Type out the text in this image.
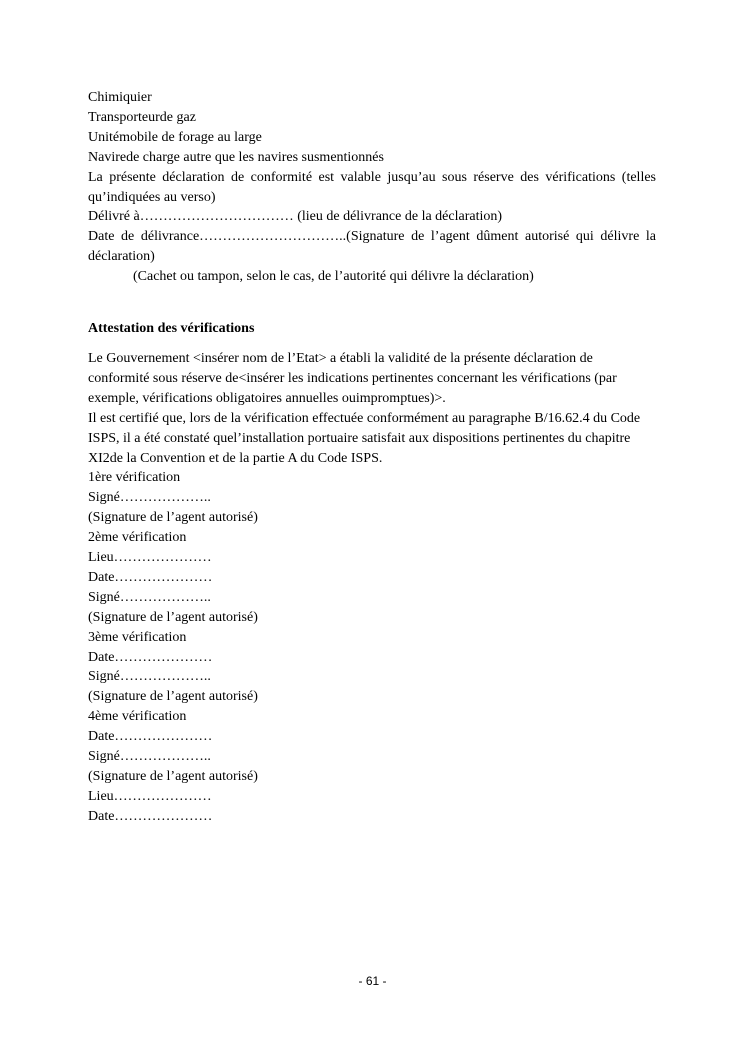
Chimiquier
Transporteurde gaz
Unitémobile de forage au large
Navirede charge autre que les navires susmentionnés
La présente déclaration de conformité est valable jusqu’au sous réserve des vérifications (telles qu’indiquées au verso)
Délivré à…………………………… (lieu de délivrance de la déclaration)
Date de délivrance…………………………..(Signature de l’agent dûment autorisé qui délivre la déclaration)
(Cachet ou tampon, selon le cas, de l’autorité qui délivre la déclaration)
Attestation des vérifications
Le Gouvernement <insérer nom de l’Etat> a établi la validité de la présente déclaration de conformité sous réserve de<insérer les indications pertinentes concernant les vérifications (par exemple, vérifications obligatoires annuelles ouimpromptues)>.
Il est certifié que, lors de la vérification effectuée conformément au paragraphe B/16.62.4 du Code ISPS, il a été constaté quel’installation portuaire satisfait aux dispositions pertinentes du chapitre XI2de la Convention et de la partie A du Code ISPS.
1ère vérification
Signé………………..
(Signature de l’agent autorisé)
2ème vérification
Lieu…………………
Date…………………
Signé………………..
(Signature de l’agent autorisé)
3ème vérification
Date…………………
Signé………………..
(Signature de l’agent autorisé)
4ème vérification
Date…………………
Signé………………..
(Signature de l’agent autorisé)
Lieu…………………
Date…………………
- 61 -
